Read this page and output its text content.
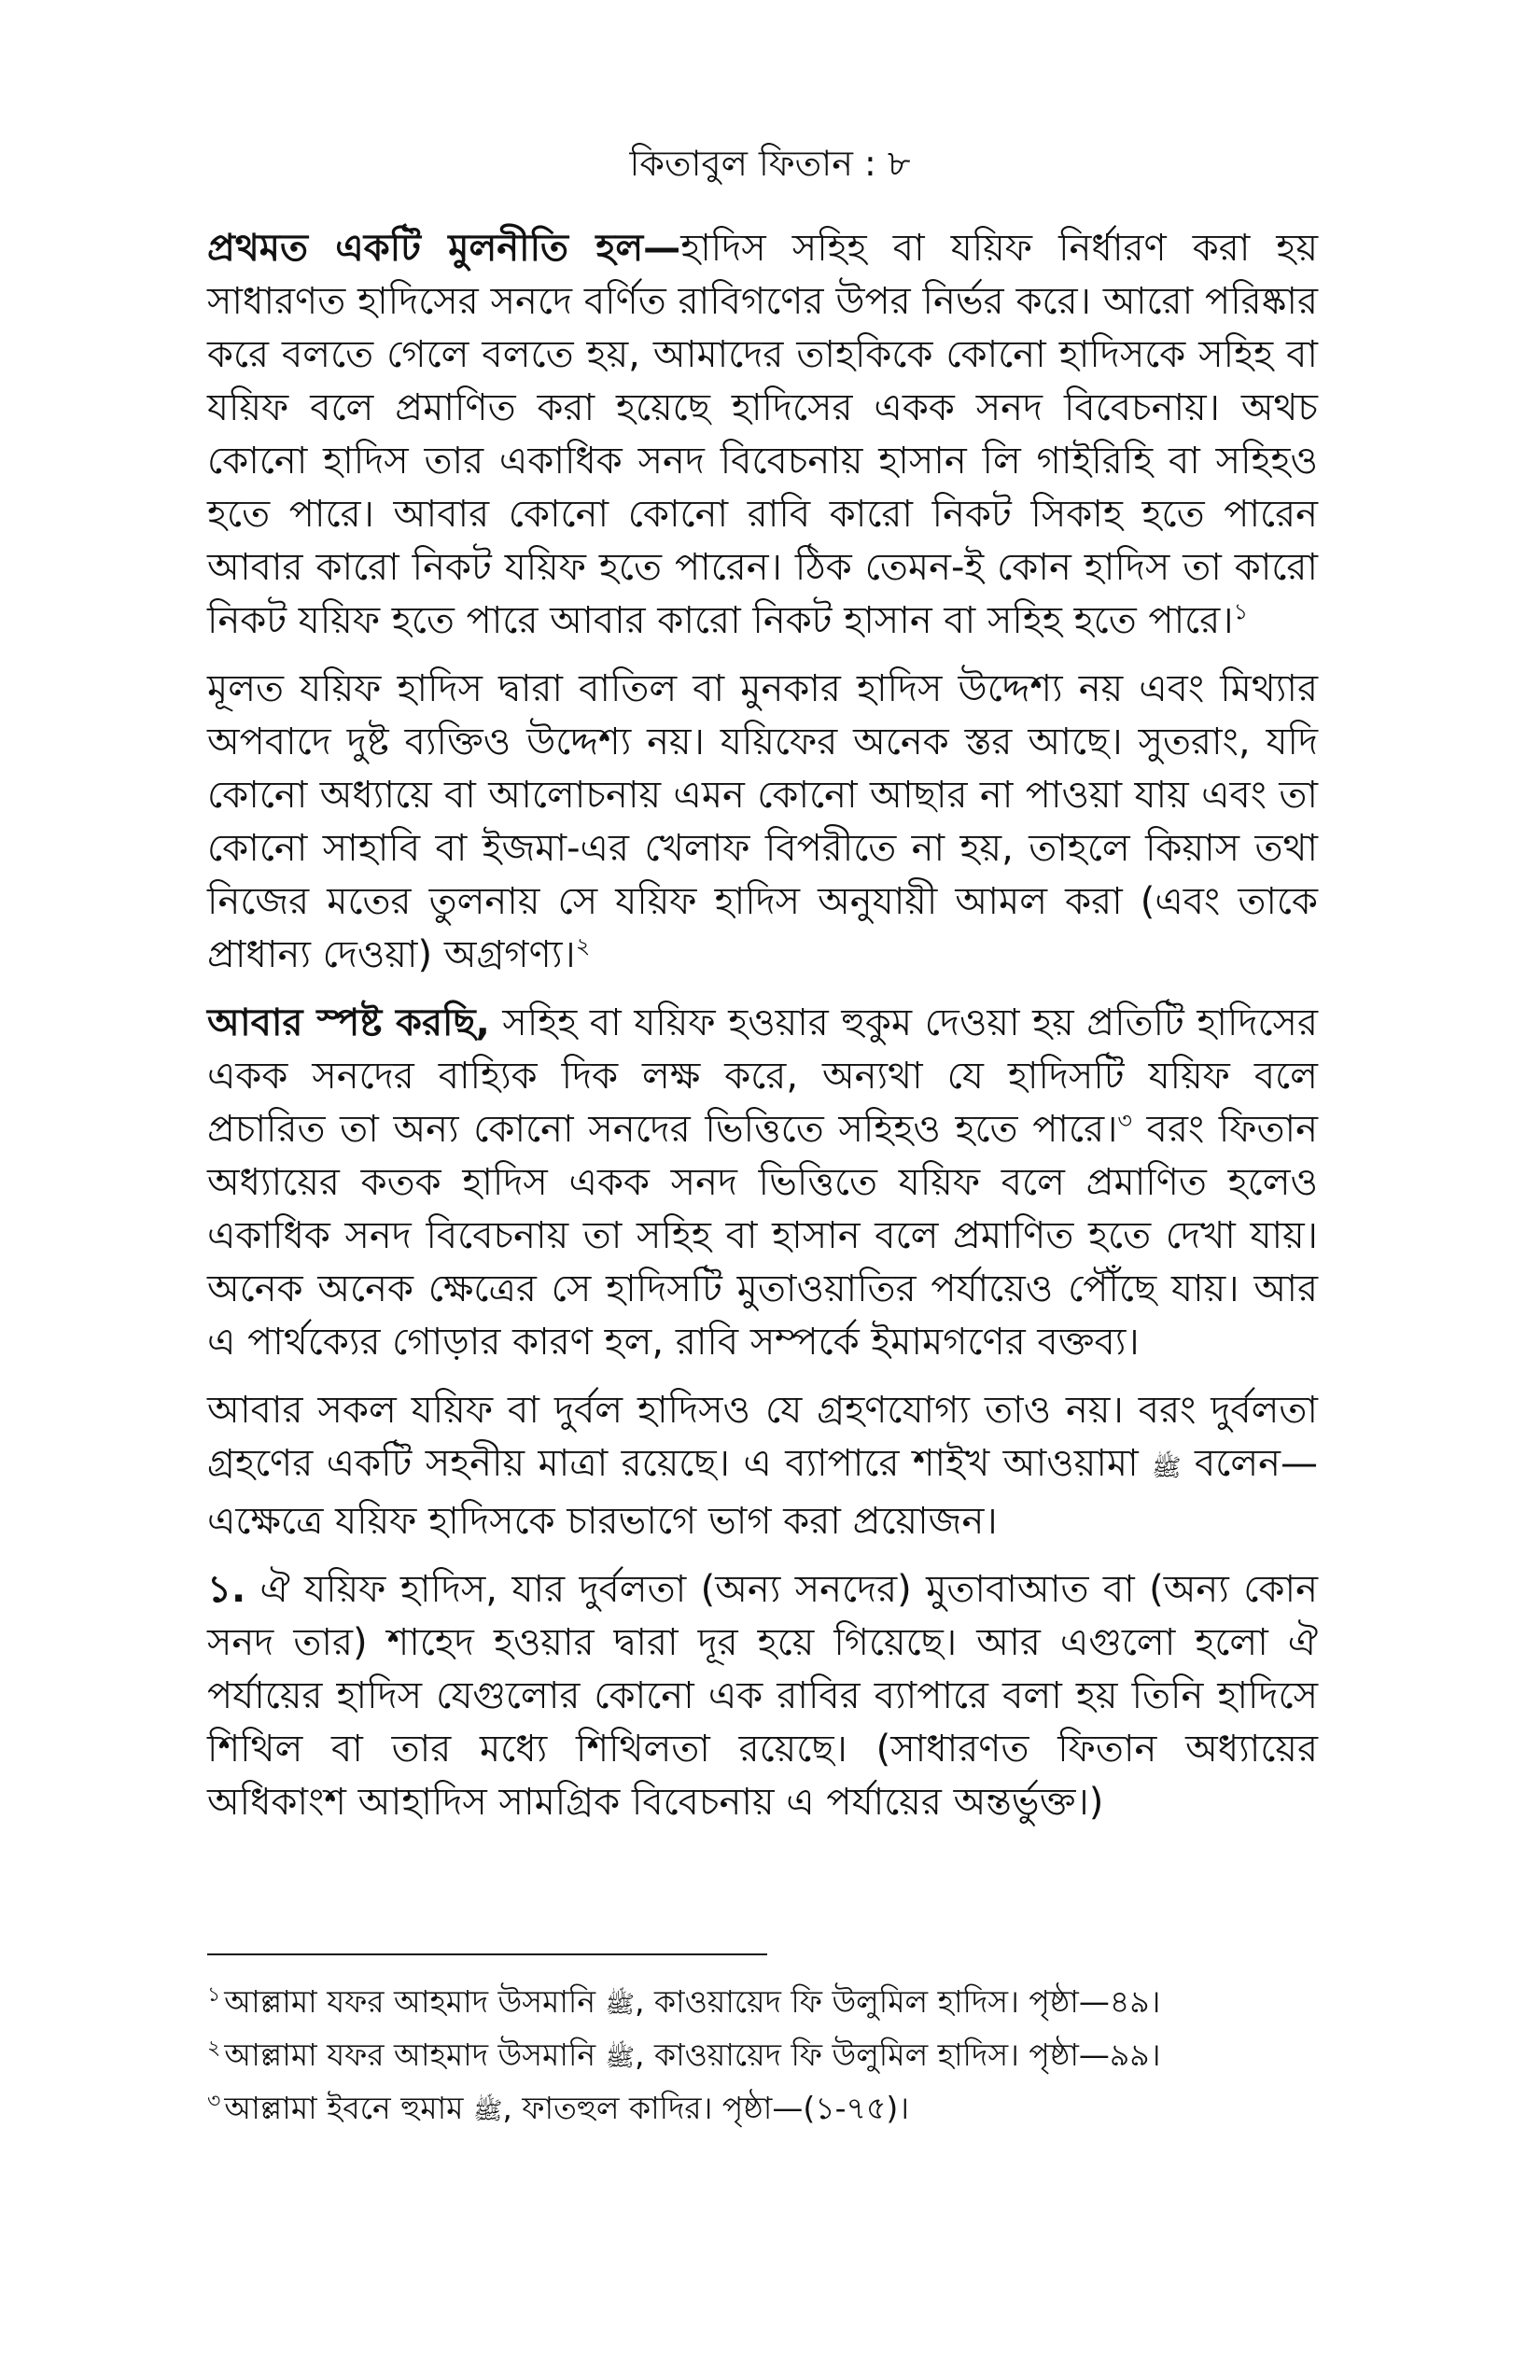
কিতাবুল ফিতান : ৮

প্রথমত একটি মুলনীতি হল—হাদিস সহিহ বা যয়িফ নির্ধারণ করা হয় সাধারণত হাদিসের সনদে বর্ণিত রাবিগণের উপর নির্ভর করে। আরো পরিষ্কার করে বলতে গেলে বলতে হয়, আমাদের তাহকিকে কোনো হাদিসকে সহিহ বা যয়িফ বলে প্রমাণিত করা হয়েছে হাদিসের একক সনদ বিবেচনায়। অথচ কোনো হাদিস তার একাধিক সনদ বিবেচনায় হাসান লি গাইরিহি বা সহিহও হতে পারে। আবার কোনো কোনো রাবি কারো নিকট সিকাহ হতে পারেন আবার কারো নিকট যয়িফ হতে পারেন। ঠিক তেমন-ই কোন হাদিস তা কারো নিকট যয়িফ হতে পারে আবার কারো নিকট হাসান বা সহিহ হতে পারে।$^১$

মূলত যয়িফ হাদিস দ্বারা বাতিল বা মুনকার হাদিস উদ্দেশ্য নয় এবং মিথ্যার অপবাদে দুষ্ট ব্যক্তিও উদ্দেশ্য নয়। যয়িফের অনেক স্তর আছে। সুতরাং, যদি কোনো অধ্যায়ে বা আলোচনায় এমন কোনো আছার না পাওয়া যায় এবং তা কোনো সাহাবি বা ইজমা-এর খেলাফ বিপরীতে না হয়, তাহলে কিয়াস তথা নিজের মতের তুলনায় সে যয়িফ হাদিস অনুযায়ী আমল করা (এবং তাকে প্রাধান্য দেওয়া) অগ্রগণ্য।$^২$

আবার স্পষ্ট করছি, সহিহ বা যয়িফ হওয়ার হুকুম দেওয়া হয় প্রতিটি হাদিসের একক সনদের বাহ্যিক দিক লক্ষ করে, অন্যথা যে হাদিসটি যয়িফ বলে প্রচারিত তা অন্য কোনো সনদের ভিত্তিতে সহিহও হতে পারে।$^৩$ বরং ফিতান অধ্যায়ের কতক হাদিস একক সনদ ভিত্তিতে যয়িফ বলে প্রমাণিত হলেও একাধিক সনদ বিবেচনায় তা সহিহ বা হাসান বলে প্রমাণিত হতে দেখা যায়। অনেক অনেক ক্ষেত্রের সে হাদিসটি মুতাওয়াতির পর্যায়েও পৌঁছে যায়। আর এ পার্থক্যের গোড়ার কারণ হল, রাবি সম্পর্কে ইমামগণের বক্তব্য।

আবার সকল যয়িফ বা দুর্বল হাদিসও যে গ্রহণযোগ্য তাও নয়। বরং দুর্বলতা গ্রহণের একটি সহনীয় মাত্রা রয়েছে। এ ব্যাপারে শাইখ আওয়ামা ﷺ বলেন—এক্ষেত্রে যয়িফ হাদিসকে চারভাগে ভাগ করা প্রয়োজন।

১. ঐ যয়িফ হাদিস, যার দুর্বলতা (অন্য সনদের) মুতাবাআত বা (অন্য কোন সনদ তার) শাহেদ হওয়ার দ্বারা দূর হয়ে গিয়েছে। আর এগুলো হলো ঐ পর্যায়ের হাদিস যেগুলোর কোনো এক রাবির ব্যাপারে বলা হয় তিনি হাদিসে শিথিল বা তার মধ্যে শিথিলতা রয়েছে। (সাধারণত ফিতান অধ্যায়ের অধিকাংশ আহাদিস সামগ্রিক বিবেচনায় এ পর্যায়ের অন্তর্ভুক্ত।)

$^১$ আল্লামা যফর আহমাদ উসমানি ﷺ, কাওয়ায়েদ ফি উলুমিল হাদিস। পৃষ্ঠা—৪৯।

$^২$ আল্লামা যফর আহমাদ উসমানি ﷺ, কাওয়ায়েদ ফি উলুমিল হাদিস। পৃষ্ঠা—৯৯।

$^৩$ আল্লামা ইবনে হুমাম ﷺ, ফাতহুল কাদির। পৃষ্ঠা—(১-৭৫)।
